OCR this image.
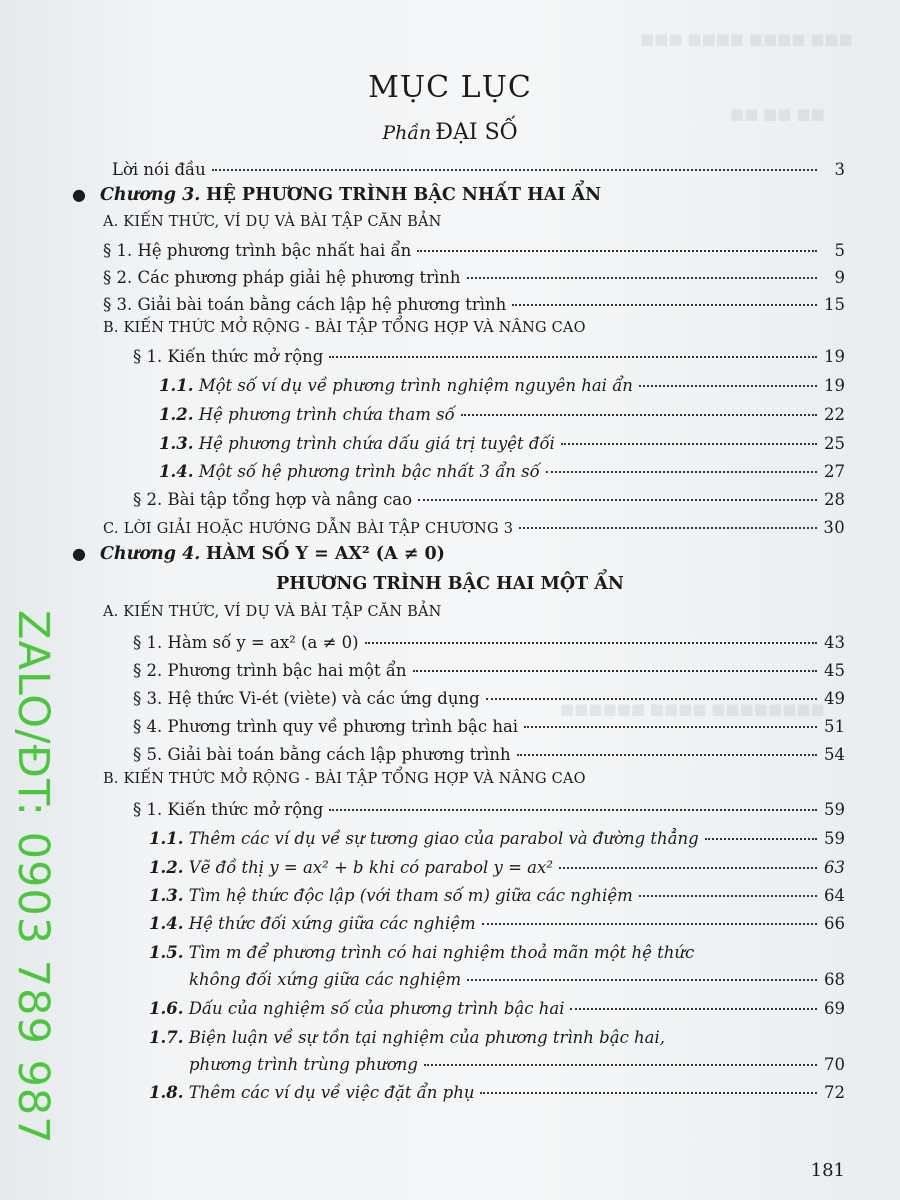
■■■ ■■■■ ■■■■ ■■■
■■ ■■ ■■
■■■■■■ ■■■■ ■■■■■■■■
MỤC LỤC
Phần ĐẠI SỐ
Lời nói đầu	3
● Chương 3. HỆ PHƯƠNG TRÌNH BẬC NHẤT HAI ẨN
A. KIẾN THỨC, VÍ DỤ VÀ BÀI TẬP CĂN BẢN
§ 1. Hệ phương trình bậc nhất hai ẩn	5
§ 2. Các phương pháp giải hệ phương trình	9
§ 3. Giải bài toán bằng cách lập hệ phương trình	15
B. KIẾN THỨC MỞ RỘNG - BÀI TẬP TỔNG HỢP VÀ NÂNG CAO
§ 1. Kiến thức mở rộng	19
1.1. Một số ví dụ về phương trình nghiệm nguyên hai ẩn	19
1.2. Hệ phương trình chứa tham số	22
1.3. Hệ phương trình chứa dấu giá trị tuyệt đối	25
1.4. Một số hệ phương trình bậc nhất 3 ẩn số	27
§ 2. Bài tập tổng hợp và nâng cao	28
C. LỜI GIẢI HOẶC HƯỚNG DẪN BÀI TẬP CHƯƠNG 3	30
● Chương 4. HÀM SỐ Y = AX² (A ≠ 0)
PHƯƠNG TRÌNH BẬC HAI MỘT ẨN
A. KIẾN THỨC, VÍ DỤ VÀ BÀI TẬP CĂN BẢN
§ 1. Hàm số y = ax² (a ≠ 0)	43
§ 2. Phương trình bậc hai một ẩn	45
§ 3. Hệ thức Vi-ét (viète) và các ứng dụng	49
§ 4. Phương trình quy về phương trình bậc hai	51
§ 5. Giải bài toán bằng cách lập phương trình	54
B. KIẾN THỨC MỞ RỘNG - BÀI TẬP TỔNG HỢP VÀ NÂNG CAO
§ 1. Kiến thức mở rộng	59
1.1. Thêm các ví dụ về sự tương giao của parabol và đường thẳng	59
1.2. Vẽ đồ thị y = ax² + b khi có parabol y = ax²	63
1.3. Tìm hệ thức độc lập (với tham số m) giữa các nghiệm	64
1.4. Hệ thức đối xứng giữa các nghiệm	66
1.5. Tìm m để phương trình có hai nghiệm thoả mãn một hệ thức
không đối xứng giữa các nghiệm	68
1.6. Dấu của nghiệm số của phương trình bậc hai	69
1.7. Biện luận về sự tồn tại nghiệm của phương trình bậc hai,
phương trình trùng phương	70
1.8. Thêm các ví dụ về việc đặt ẩn phụ	72
181
ZALO/ĐT: 0903 789 987
